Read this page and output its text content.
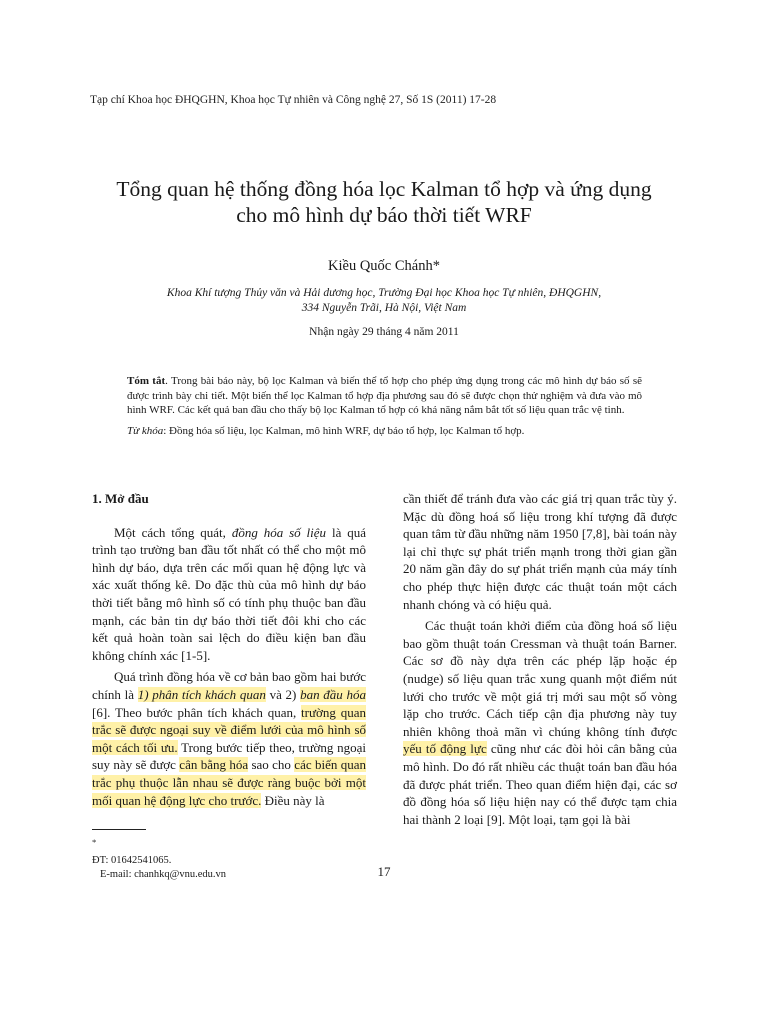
Tạp chí Khoa học ĐHQGHN, Khoa học Tự nhiên và Công nghệ 27, Số 1S (2011) 17-28
Tổng quan hệ thống đồng hóa lọc Kalman tổ hợp và ứng dụng
cho mô hình dự báo thời tiết WRF
Kiều Quốc Chánh*
Khoa Khí tượng Thủy văn và Hải dương học, Trường Đại học Khoa học Tự nhiên, ĐHQGHN,
334 Nguyễn Trãi, Hà Nội, Việt Nam
Nhận ngày 29 tháng 4 năm 2011

Tóm tắt. Trong bài báo này, bộ lọc Kalman và biến thể tổ hợp cho phép ứng dụng trong các mô hình dự báo số sẽ được trình bày chi tiết. Một biến thể lọc Kalman tổ hợp địa phương sau đó sẽ được chọn thử nghiệm và đưa vào mô hình WRF. Các kết quả ban đầu cho thấy bộ lọc Kalman tổ hợp có khả năng nắm bắt tốt số liệu quan trắc vệ tinh.

Từ khóa: Đồng hóa số liệu, lọc Kalman, mô hình WRF, dự báo tổ hợp, lọc Kalman tổ hợp.

1. Mở đầu

Một cách tổng quát, đồng hóa số liệu là quá trình tạo trường ban đầu tốt nhất có thể cho một mô hình dự báo, dựa trên các mối quan hệ động lực và xác xuất thống kê. Do đặc thù của mô hình dự báo thời tiết bằng mô hình số có tính phụ thuộc ban đầu mạnh, các bản tin dự báo thời tiết đôi khi cho các kết quả hoàn toàn sai lệch do điều kiện ban đầu không chính xác [1-5].

Quá trình đồng hóa về cơ bản bao gồm hai bước chính là 1) phân tích khách quan và 2) ban đầu hóa [6]. Theo bước phân tích khách quan, trường quan trắc sẽ được ngoại suy về điểm lưới của mô hình số một cách tối ưu. Trong bước tiếp theo, trường ngoại suy này sẽ được cân bằng hóa sao cho các biến quan trắc phụ thuộc lẫn nhau sẽ được ràng buộc bởi một mối quan hệ động lực cho trước. Điều này là

cần thiết để tránh đưa vào các giá trị quan trắc tùy ý. Mặc dù đồng hoá số liệu trong khí tượng đã được quan tâm từ đầu những năm 1950 [7,8], bài toán này lại chỉ thực sự phát triển mạnh trong thời gian gần 20 năm gần đây do sự phát triển mạnh của máy tính cho phép thực hiện được các thuật toán một cách nhanh chóng và có hiệu quả.

Các thuật toán khởi điểm của đồng hoá số liệu bao gồm thuật toán Cressman và thuật toán Barner. Các sơ đồ này dựa trên các phép lặp hoặc ép (nudge) số liệu quan trắc xung quanh một điểm nút lưới cho trước về một giá trị mới sau một số vòng lặp cho trước. Cách tiếp cận địa phương này tuy nhiên không thoả mãn vì chúng không tính được yếu tố động lực cũng như các đòi hỏi cân bằng của mô hình. Do đó rất nhiều các thuật toán ban đầu hóa đã được phát triển. Theo quan điểm hiện đại, các sơ đồ đồng hóa số liệu hiện nay có thể được tạm chia hai thành 2 loại [9]. Một loại, tạm gọi là bài

*
ĐT: 01642541065.
E-mail: chanhkq@vnu.edu.vn	17
